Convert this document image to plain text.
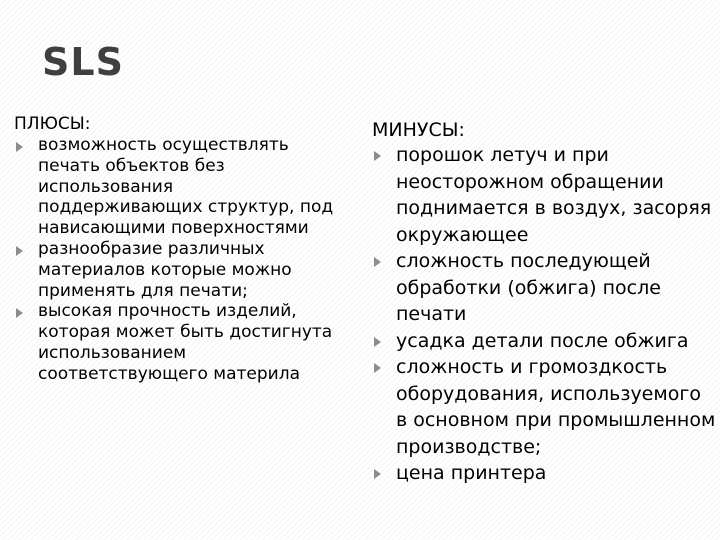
SLS

ПЛЮСЫ:

возможность осуществлять печать объектов без использования поддерживающих структур, под нависающими поверхностями
разнообразие различных материалов которые можно применять для печати;
высокая прочность изделий, которая может быть достигнута использованием соответствующего материла

МИНУСЫ:

порошок летуч и при неосторожном обращении поднимается в воздух, засоряя окружающее
сложность последующей обработки (обжига) после печати
усадка детали после обжига
сложность и громоздкость оборудования, используемого в основном при промышленном производстве;
цена принтера
